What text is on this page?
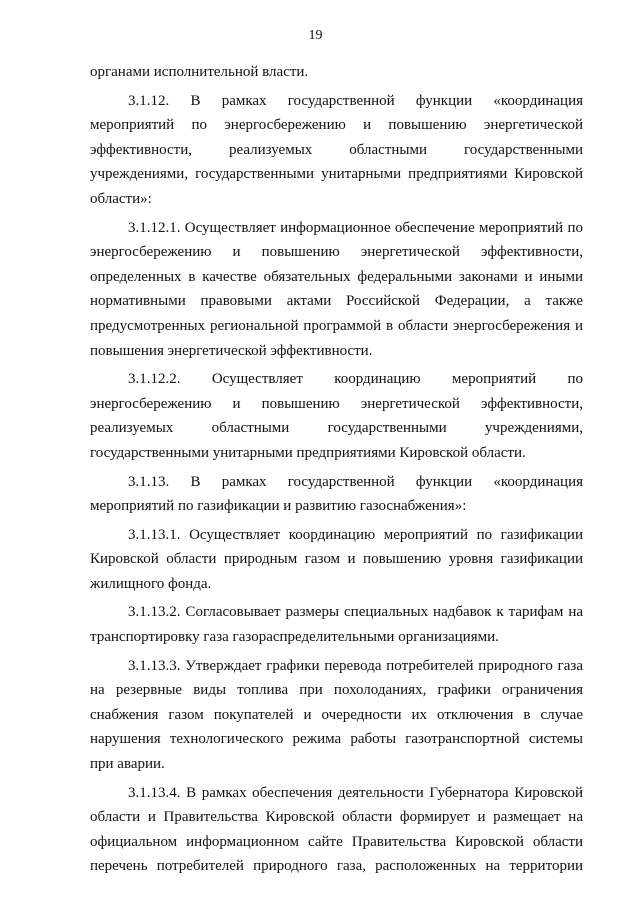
19

органами исполнительной власти.

3.1.12. В рамках государственной функции «координация мероприятий по энергосбережению и повышению энергетической эффективности, реализуемых областными государственными учреждениями, государственными унитарными предприятиями Кировской области»:

3.1.12.1. Осуществляет информационное обеспечение мероприятий по энергосбережению и повышению энергетической эффективности, определенных в качестве обязательных федеральными законами и иными нормативными правовыми актами Российской Федерации, а также предусмотренных региональной программой в области энергосбережения и повышения энергетической эффективности.

3.1.12.2. Осуществляет координацию мероприятий по энергосбережению и повышению энергетической эффективности, реализуемых областными государственными учреждениями, государственными унитарными предприятиями Кировской области.

3.1.13. В рамках государственной функции «координация мероприятий по газификации и развитию газоснабжения»:

3.1.13.1. Осуществляет координацию мероприятий по газификации Кировской области природным газом и повышению уровня газификации жилищного фонда.

3.1.13.2. Согласовывает размеры специальных надбавок к тарифам на транспортировку газа газораспределительными организациями.

3.1.13.3. Утверждает графики перевода потребителей природного газа на резервные виды топлива при похолоданиях, графики ограничения снабжения газом покупателей и очередности их отключения в случае нарушения технологического режима работы газотранспортной системы при аварии.

3.1.13.4. В рамках обеспечения деятельности Губернатора Кировской области и Правительства Кировской области формирует и размещает на официальном информационном сайте Правительства Кировской области перечень потребителей природного газа, расположенных на территории
